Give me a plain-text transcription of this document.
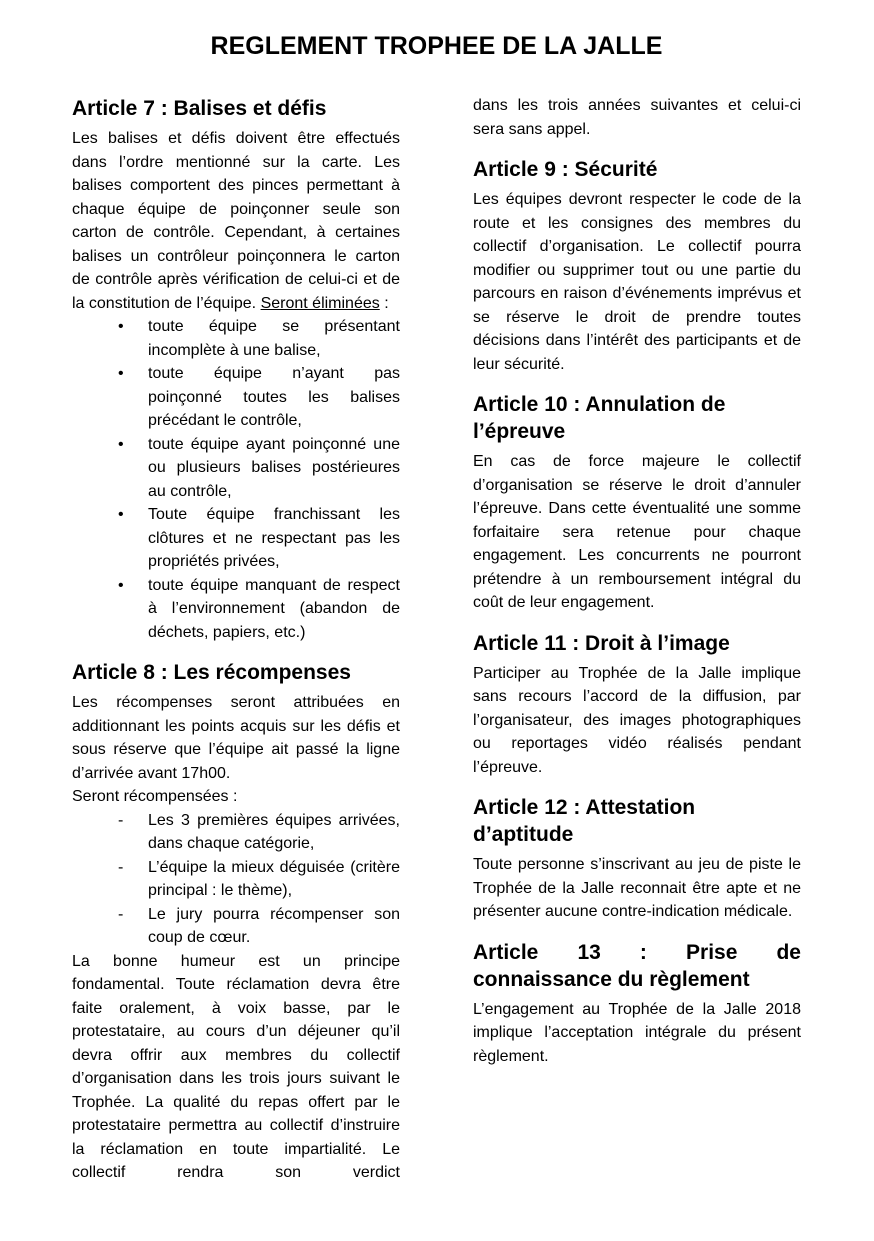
REGLEMENT TROPHEE DE LA JALLE
Article 7 : Balises et défis

Les balises et défis doivent être effectués dans l’ordre mentionné sur la carte. Les balises comportent des pinces permettant à chaque équipe de poinçonner seule son carton de contrôle. Cependant, à certaines balises un contrôleur poinçonnera le carton de contrôle après vérification de celui-ci et de la constitution de l’équipe. Seront éliminées :

•	toute équipe se présentant incomplète à une balise,
•	toute équipe n’ayant pas poinçonné toutes les balises précédant le contrôle,
•	toute équipe ayant poinçonné une ou plusieurs balises postérieures au contrôle,
•	Toute équipe franchissant les clôtures et ne respectant pas les propriétés privées,
•	toute équipe manquant de respect à l’environnement (abandon de déchets, papiers, etc.)
Article 8 : Les récompenses

Les récompenses seront attribuées en additionnant les points acquis sur les défis et sous réserve que l’équipe ait passé la ligne d’arrivée avant 17h00.

Seront récompensées :

-	Les 3 premières équipes arrivées, dans chaque catégorie,
-	L’équipe la mieux déguisée (critère principal : le thème),
-	Le jury pourra récompenser son coup de cœur.

La bonne humeur est un principe fondamental. Toute réclamation devra être faite oralement, à voix basse, par le protestataire, au cours d’un déjeuner qu’il devra offrir aux membres du collectif d’organisation dans les trois jours suivant le Trophée. La qualité du repas offert par le protestataire permettra au collectif d’instruire la réclamation en toute impartialité. Le collectif rendra son verdict

dans les trois années suivantes et celui-ci sera sans appel.

Article 9 : Sécurité

Les équipes devront respecter le code de la route et les consignes des membres du collectif d’organisation. Le collectif pourra modifier ou supprimer tout ou une partie du parcours en raison d’événements imprévus et se réserve le droit de prendre toutes décisions dans l’intérêt des participants et de leur sécurité.

Article 10 : Annulation de
l’épreuve

En cas de force majeure le collectif d’organisation se réserve le droit d’annuler l’épreuve. Dans cette éventualité une somme forfaitaire sera retenue pour chaque engagement. Les concurrents ne pourront prétendre à un remboursement intégral du coût de leur engagement.

Article 11 : Droit à l’image

Participer au Trophée de la Jalle implique sans recours l’accord de la diffusion, par l’organisateur, des images photographiques ou reportages vidéo réalisés pendant l’épreuve.

Article 12 : Attestation
d’aptitude

Toute personne s’inscrivant au jeu de piste le Trophée de la Jalle reconnait être apte et ne présenter aucune contre-indication médicale.

Article 13 : Prise de
connaissance du règlement

L’engagement au Trophée de la Jalle 2018 implique l’acceptation intégrale du présent règlement.
